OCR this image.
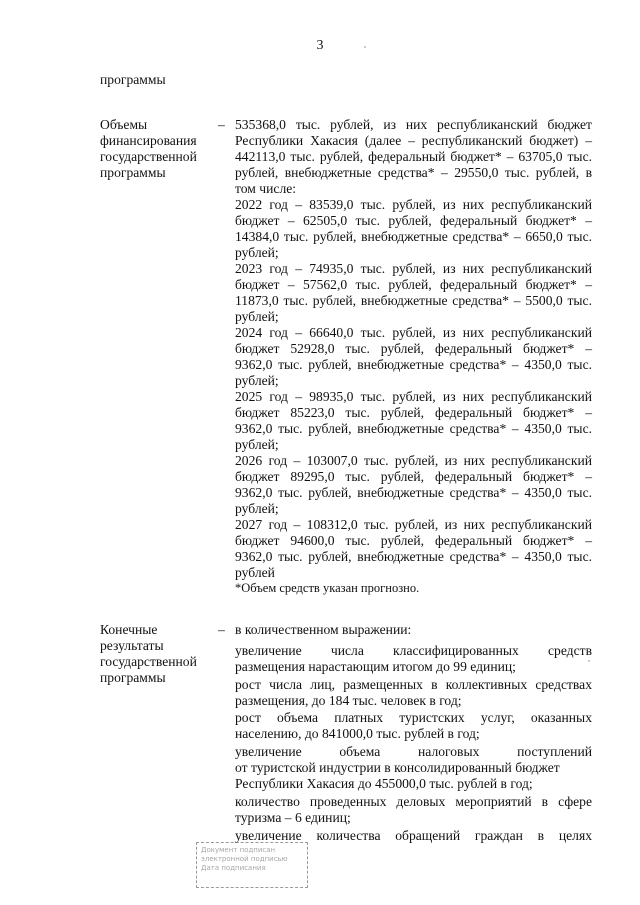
3
программы
Объемы
финансирования
государственной
программы
– 535368,0 тыс. рублей, из них республиканский бюджет
Республики Хакасия (далее – республиканский бюджет) –
442113,0 тыс. рублей, федеральный бюджет* – 63705,0 тыс.
рублей, внебюджетные средства* – 29550,0 тыс. рублей, в
том числе:
2022 год – 83539,0 тыс. рублей, из них республиканский
бюджет – 62505,0 тыс. рублей, федеральный бюджет* –
14384,0 тыс. рублей, внебюджетные средства* – 6650,0 тыс.
рублей;
2023 год – 74935,0 тыс. рублей, из них республиканский
бюджет – 57562,0 тыс. рублей, федеральный бюджет* –
11873,0 тыс. рублей, внебюджетные средства* – 5500,0 тыс.
рублей;
2024 год – 66640,0 тыс. рублей, из них республиканский
бюджет 52928,0 тыс. рублей, федеральный бюджет* –
9362,0 тыс. рублей, внебюджетные средства* – 4350,0 тыс.
рублей;
2025 год – 98935,0 тыс. рублей, из них республиканский
бюджет 85223,0 тыс. рублей, федеральный бюджет* –
9362,0 тыс. рублей, внебюджетные средства* – 4350,0 тыс.
рублей;
2026 год – 103007,0 тыс. рублей, из них республиканский
бюджет 89295,0 тыс. рублей, федеральный бюджет* –
9362,0 тыс. рублей, внебюджетные средства* – 4350,0 тыс.
рублей;
2027 год – 108312,0 тыс. рублей, из них республиканский
бюджет 94600,0 тыс. рублей, федеральный бюджет* –
9362,0 тыс. рублей, внебюджетные средства* – 4350,0 тыс.
рублей
*Объем средств указан прогнозно.
Конечные
результаты
государственной
программы
– в количественном выражении:
увеличение числа классифицированных средств
размещения нарастающим итогом до 99 единиц;
рост числа лиц, размещенных в коллективных средствах
размещения, до 184 тыс. человек в год;
рост объема платных туристских услуг, оказанных
населению, до 841000,0 тыс. рублей в год;
увеличение объема налоговых поступлений
от туристской индустрии в консолидированный бюджет
Республики Хакасия до 455000,0 тыс. рублей в год;
количество проведенных деловых мероприятий в сфере
туризма – 6 единиц;
увеличение количества обращений граждан в целях
Документ подписан
электронной подписью
Дата подписания
